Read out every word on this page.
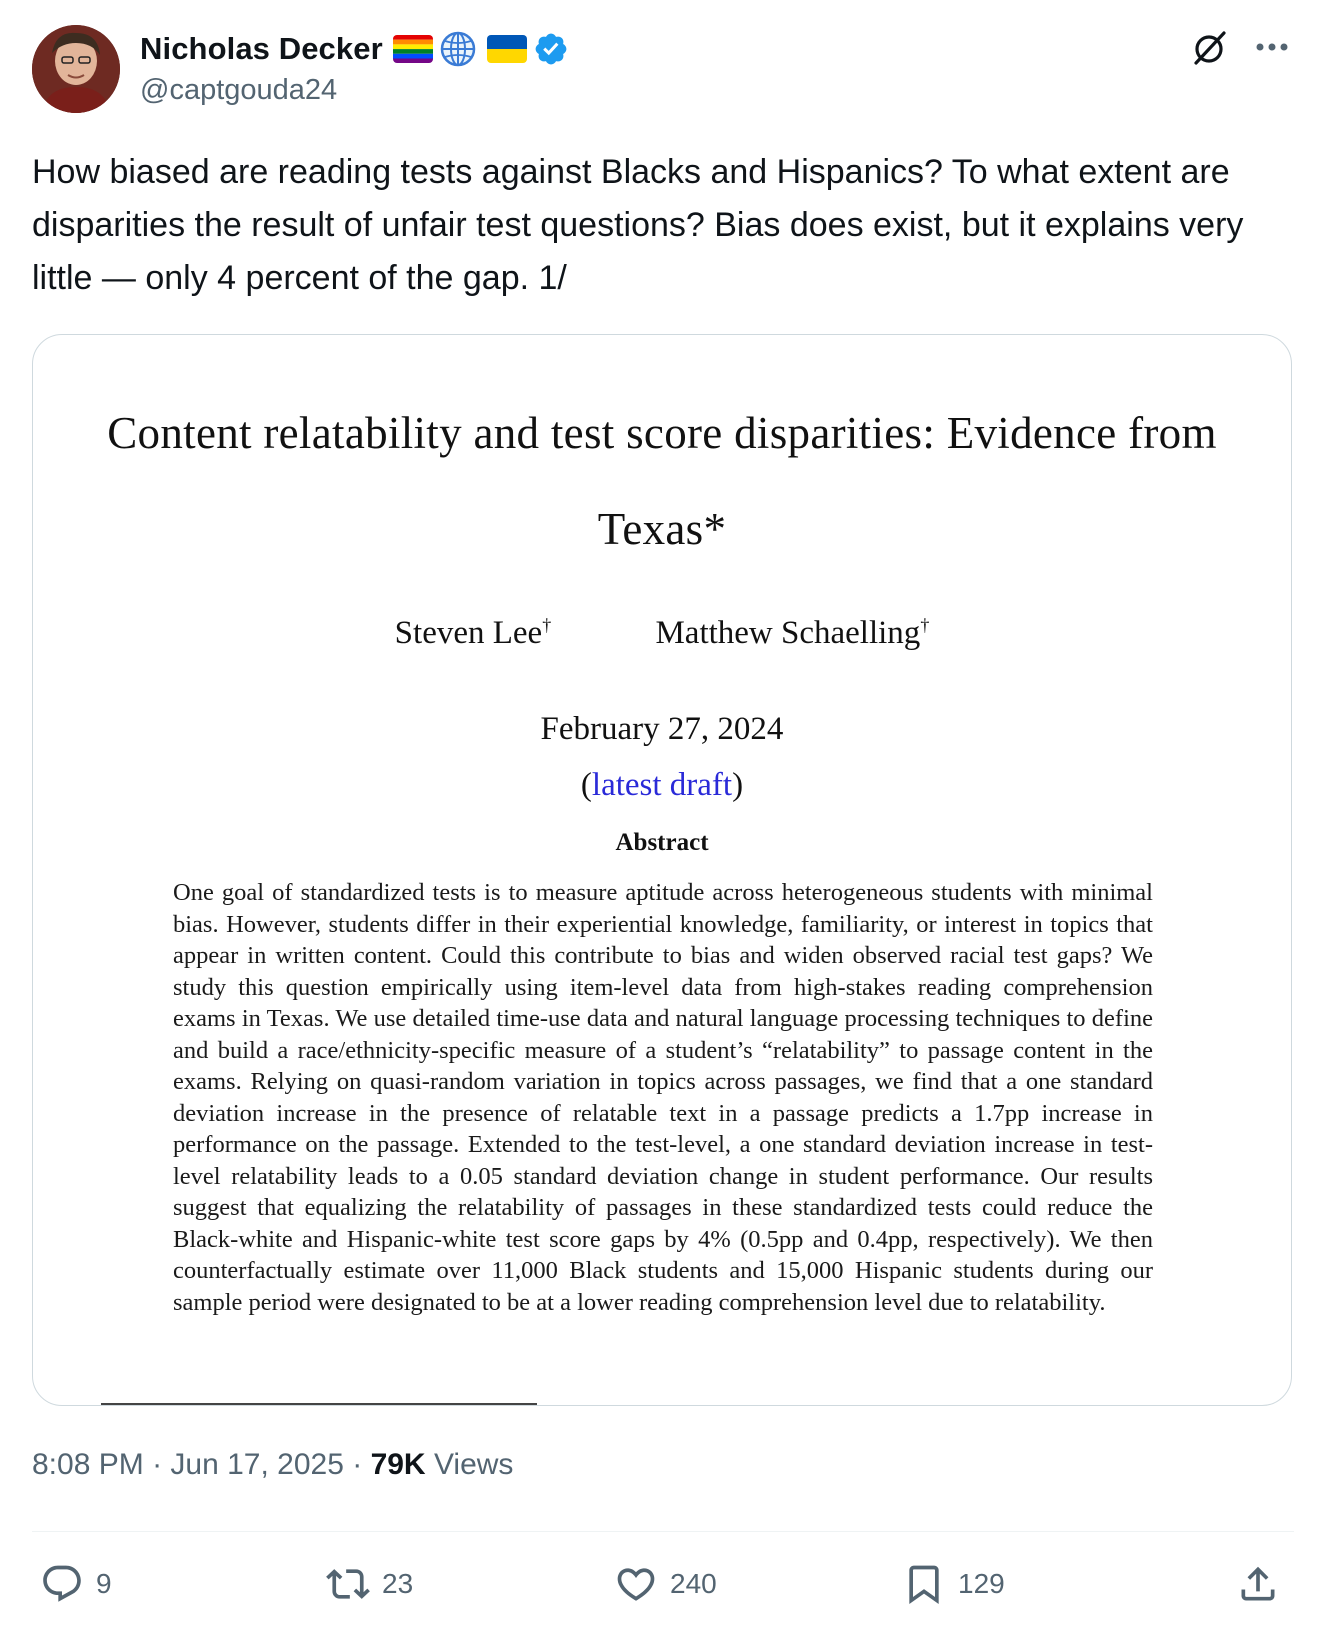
Nicholas Decker
@captgouda24
How biased are reading tests against Blacks and Hispanics? To what extent are disparities the result of unfair test questions? Bias does exist, but it explains very little — only 4 percent of the gap. 1/
Content relatability and test score disparities: Evidence from Texas*
Steven Lee†	Matthew Schaelling†
February 27, 2024
(latest draft)
Abstract
One goal of standardized tests is to measure aptitude across heterogeneous students with minimal bias. However, students differ in their experiential knowledge, familiarity, or interest in topics that appear in written content. Could this contribute to bias and widen observed racial test gaps? We study this question empirically using item-level data from high-stakes reading comprehension exams in Texas. We use detailed time-use data and natural language processing techniques to define and build a race/ethnicity-specific measure of a student’s “relatability” to passage content in the exams. Relying on quasi-random variation in topics across passages, we find that a one standard deviation increase in the presence of relatable text in a passage predicts a 1.7pp increase in performance on the passage. Extended to the test-level, a one standard deviation increase in test-level relatability leads to a 0.05 standard deviation change in student performance. Our results suggest that equalizing the relatability of passages in these standardized tests could reduce the Black-white and Hispanic-white test score gaps by 4% (0.5pp and 0.4pp, respectively). We then counterfactually estimate over 11,000 Black students and 15,000 Hispanic students during our sample period were designated to be at a lower reading comprehension level due to relatability.
8:08 PM · Jun 17, 2025 · 79K Views
9	23	240	129
